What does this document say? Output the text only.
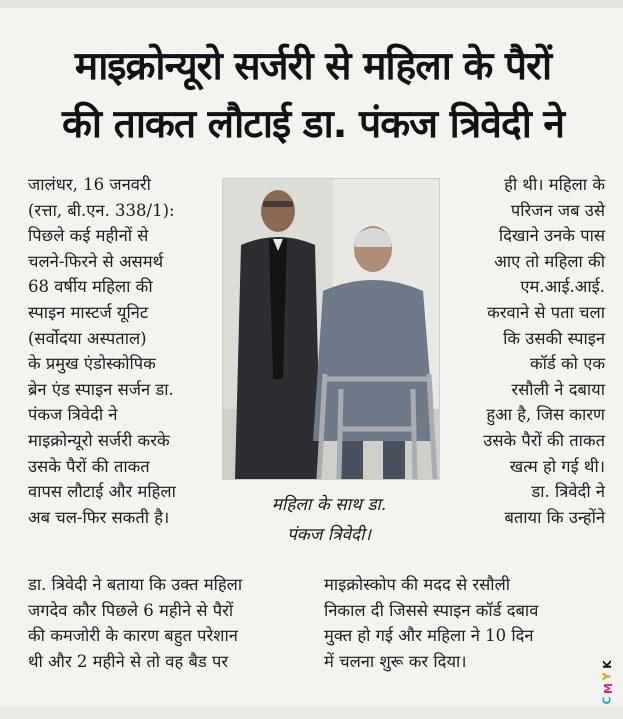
माइक्रोन्यूरो सर्जरी से महिला के पैरों
की ताकत लौटाई डा. पंकज त्रिवेदी ने
जालंधर, 16 जनवरी
(रत्ता, बी.एन. 338/1):
पिछले कई महीनों से
चलने-फिरने से असमर्थ
68 वर्षीय महिला की
स्पाइन मास्टर्ज यूनिट
(सर्वोदया अस्पताल)
के प्रमुख एंडोस्कोपिक
ब्रेन एंड स्पाइन सर्जन डा.
पंकज त्रिवेदी ने
माइक्रोन्यूरो सर्जरी करके
उसके पैरों की ताकत
वापस लौटाई और महिला
अब चल-फिर सकती है।
महिला के साथ डा.
पंकज त्रिवेदी।
ही थी। महिला के
परिजन जब उसे
दिखाने उनके पास
आए तो महिला की
एम.आई.आई.
करवाने से पता चला
कि उसकी स्पाइन
कॉर्ड को एक
रसौली ने दबाया
हुआ है, जिस कारण
उसके पैरों की ताकत
खत्म हो गई थी।
डा. त्रिवेदी ने
बताया कि उन्होंने
डा. त्रिवेदी ने बताया कि उक्त महिला
जगदेव कौर पिछले 6 महीने से पैरों
की कमजोरी के कारण बहुत परेशान
थी और 2 महीने से तो वह बैड पर
माइक्रोस्कोप की मदद से रसौली
निकाल दी जिससे स्पाइन कॉर्ड दबाव
मुक्त हो गई और महिला ने 10 दिन
में चलना शुरू कर दिया।
C
M
Y
K
